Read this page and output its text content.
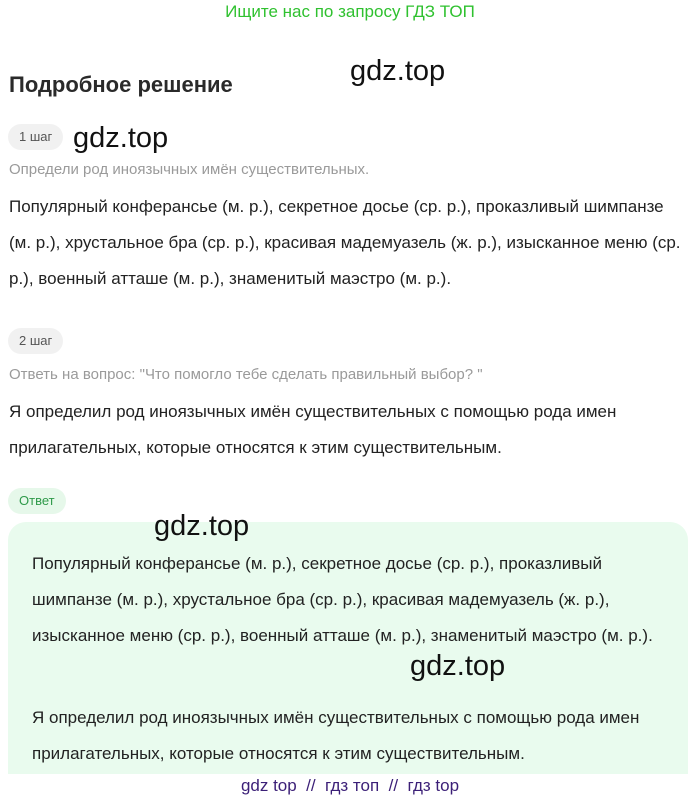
Ищите нас по запросу ГДЗ ТОП
Подробное решение	gdz.top
gdz.top
1 шаг
Определи род иноязычных имён существительных.
Популярный конферансье (м. р.), секретное досье (ср. р.), проказливый шимпанзе (м. р.), хрустальное бра (ср. р.), красивая мадемуазель (ж. р.), изысканное меню (ср. р.), военный атташе (м. р.), знаменитый маэстро (м. р.).
2 шаг
Ответь на вопрос: "Что помогло тебе сделать правильный выбор? "
Я определил род иноязычных имён существительных с помощью рода имен прилагательных, которые относятся к этим существительным.
Ответ
Популярный конферансье (м. р.), секретное досье (ср. р.), проказливый шимпанзе (м. р.), хрустальное бра (ср. р.), красивая мадемуазель (ж. р.), изысканное меню (ср. р.), военный атташе (м. р.), знаменитый маэстро (м. р.).
Я определил род иноязычных имён существительных с помощью рода имен прилагательных, которые относятся к этим существительным.
gdz.top
gdz.top
gdz top  //  гдз топ  //  гдз top
